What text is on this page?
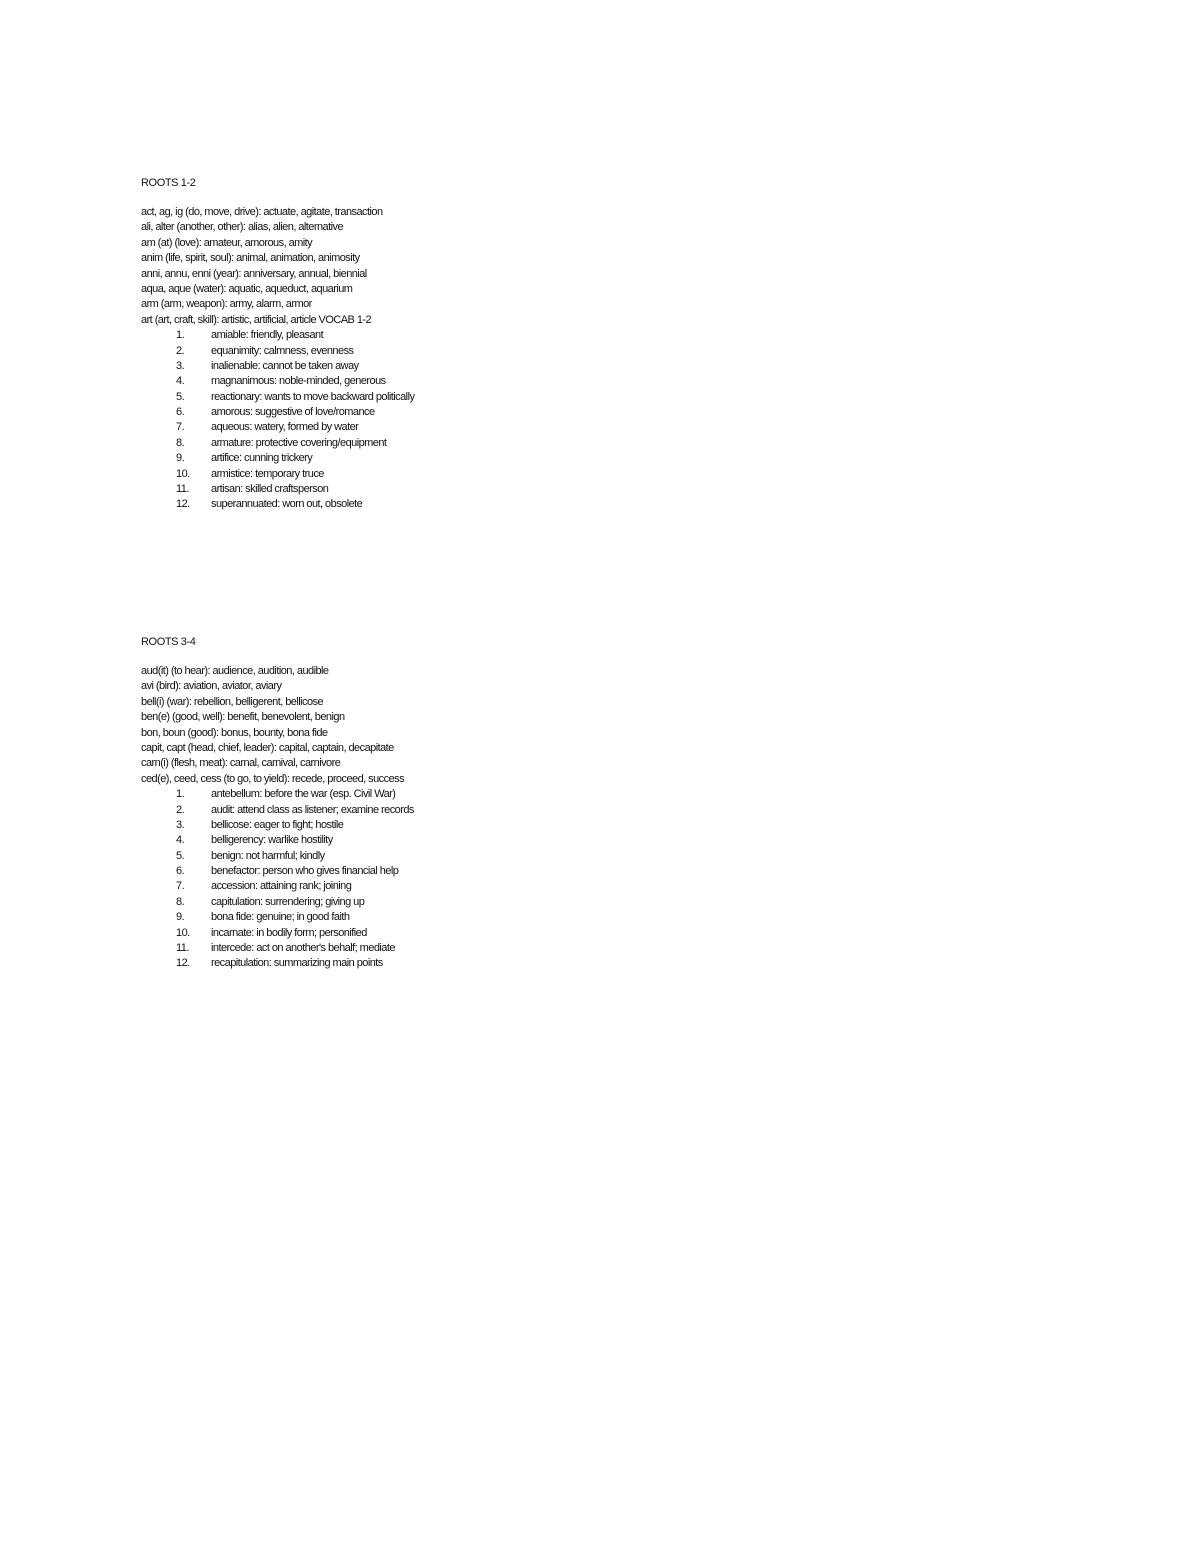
ROOTS 1-2
act, ag, ig (do, move, drive): actuate, agitate, transaction
ali, alter (another, other): alias, alien, alternative
am (at) (love): amateur, amorous, amity
anim (life, spirit, soul): animal, animation, animosity
anni, annu, enni (year): anniversary, annual, biennial
aqua, aque (water): aquatic, aqueduct, aquarium
arm (arm, weapon): army, alarm, armor
art (art, craft, skill): artistic, artificial, article VOCAB 1-2
1.	amiable: friendly, pleasant
2.	equanimity: calmness, evenness
3.	inalienable: cannot be taken away
4.	magnanimous: noble-minded, generous
5.	reactionary: wants to move backward politically
6.	amorous: suggestive of love/romance
7.	aqueous: watery, formed by water
8.	armature: protective covering/equipment
9.	artifice: cunning trickery
10.	armistice: temporary truce
11.	artisan: skilled craftsperson
12.	superannuated: worn out, obsolete
ROOTS 3-4
aud(it) (to hear): audience, audition, audible
avi (bird): aviation, aviator, aviary
bell(i) (war): rebellion, belligerent, bellicose
ben(e) (good, well): benefit, benevolent, benign
bon, boun (good): bonus, bounty, bona fide
capit, capt (head, chief, leader): capital, captain, decapitate
carn(i) (flesh, meat): carnal, carnival, carnivore
ced(e), ceed, cess (to go, to yield): recede, proceed, success
1.	antebellum: before the war (esp. Civil War)
2.	audit: attend class as listener; examine records
3.	bellicose: eager to fight; hostile
4.	belligerency: warlike hostility
5.	benign: not harmful; kindly
6.	benefactor: person who gives financial help
7.	accession: attaining rank; joining
8.	capitulation: surrendering; giving up
9.	bona fide: genuine; in good faith
10.	incarnate: in bodily form; personified
11.	intercede: act on another's behalf; mediate
12.	recapitulation: summarizing main points
